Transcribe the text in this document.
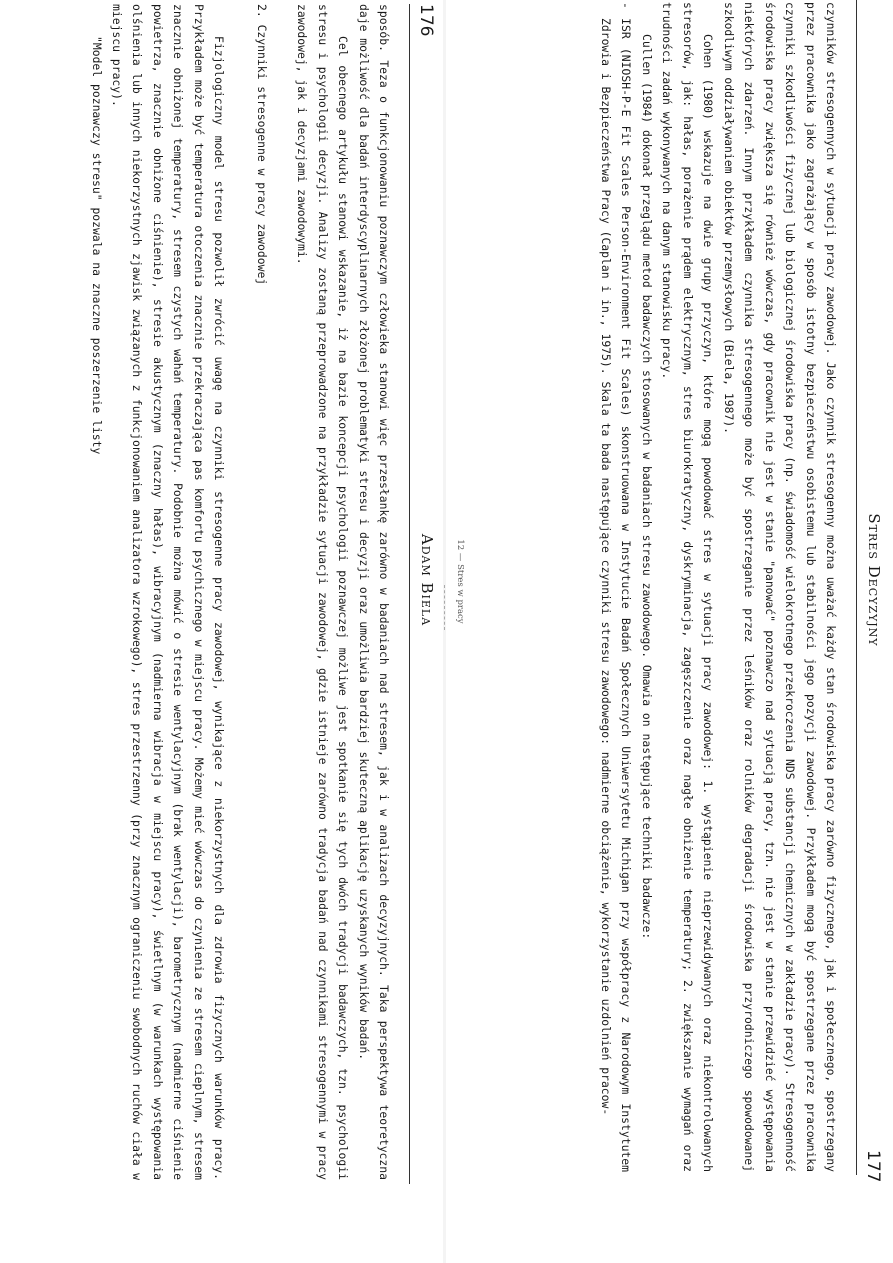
176
Adam Biela

sposób. Teza o funkcjonowaniu poznawczym człowieka stanowi więc przesłankę zarówno w badaniach nad stresem, jak i w analizach decyzyjnych. Taka perspektywa teoretyczna daje możliwość dla badań interdyscyplinarnych złożonej problematyki stresu i decyzji oraz umożliwia bardziej skuteczną aplikację uzyskanych wyników badań.

Cel obecnego artykułu stanowi wskazanie, iż na bazie koncepcji psychologii poznawczej możliwe jest spotkanie się tych dwóch tradycji badawczych, tzn. psychologii stresu i psychologii decyzji. Analizy zostaną przeprowadzone na przykładzie sytuacji zawodowej, gdzie istnieje zarówno tradycja badań nad czynnikami stresogennymi w pracy zawodowej, jak i decyzjami zawodowymi.

2. Czynniki stresogenne w pracy zawodowej

Fizjologiczny model stresu pozwolił zwrócić uwagę na czynniki stresogenne pracy zawodowej, wynikające z niekorzystnych dla zdrowia fizycznych warunków pracy. Przykładem może być temperatura otoczenia znacznie przekraczająca pas komfortu psychicznego w miejscu pracy. Możemy mieć wówczas do czynienia ze stresem cieplnym, stresem znacznie obniżonej temperatury, stresem czystych wahań temperatury. Podobnie można mówić o stresie wentylacyjnym (brak wentylacji), barometrycznym (nadmierne ciśnienie powietrza, znacznie obniżone ciśnienie), stresie akustycznym (znaczny hałas), wibracyjnym (nadmierna wibracja w miejscu pracy), świetlnym (w warunkach występowania olśnienia lub innych niekorzystnych zjawisk związanych z funkcjonowaniem analizatora wzrokowego), stres przestrzenny (przy znacznym ograniczeniu swobodnych ruchów ciała w miejscu pracy).

"Model poznawczy stresu" pozwala na znaczne poszerzenie listy

Stres Decyzyjny
177

czynników stresogennych w sytuacji pracy zawodowej. Jako czynnik stresogenny można uważać każdy stan środowiska pracy zarówno fizycznego, jak i społecznego, spostrzegany przez pracownika jako zagrażający w sposób istotny bezpieczeństwu osobistemu lub stabilności jego pozycji zawodowej. Przykładem mogą być spostrzegane przez pracownika czynniki szkodliwości fizycznej lub biologicznej środowiska pracy (np. świadomość wielokrotnego przekroczenia NDS substancji chemicznych w zakładzie pracy). Stresogenność środowiska pracy zwiększa się również wówczas, gdy pracownik nie jest w stanie "panować" poznawczo nad sytuacją pracy, tzn. nie jest w stanie przewidzieć występowania niektórych zdarzeń. Innym przykładem czynnika stresogennego może być spostrzeganie przez leśników oraz rolników degradacji środowiska przyrodniczego spowodowanej szkodliwym oddziaływaniem obiektów przemysłowych (Biela, 1987).

Cohen (1980) wskazuje na dwie grupy przyczyn, które mogą powodować stres w sytuacji pracy zawodowej: 1. wystąpienie nieprzewidywanych oraz niekontrolowanych stresorów, jak: hałas, porażenie prądem elektrycznym, stres biurokratyczny, dyskryminacja, zagęszczenie oraz nagłe obniżenie temperatury; 2. zwiększanie wymagań oraz trudności zadań wykonywanych na danym stanowisku pracy.

Cullen (1984) dokonał przeglądu metod badawczych stosowanych w badaniach stresu zawodowego. Omawia on następujące techniki badawcze:

- ISR (NIOSH-P-E Fit Scales Person-Environment Fit Scales) skonstruowana w Instytucie Badań Społecznych Uniwersytetu Michigan przy współpracy z Narodowym Instytutem Zdrowia i Bezpieczeństwa Pracy (Caplan i in., 1975). Skala ta bada następujące czynniki stresu zawodowego: nadmierne obciążenie, wykorzystanie uzdolnień pracow-

12 — Stres w pracy
